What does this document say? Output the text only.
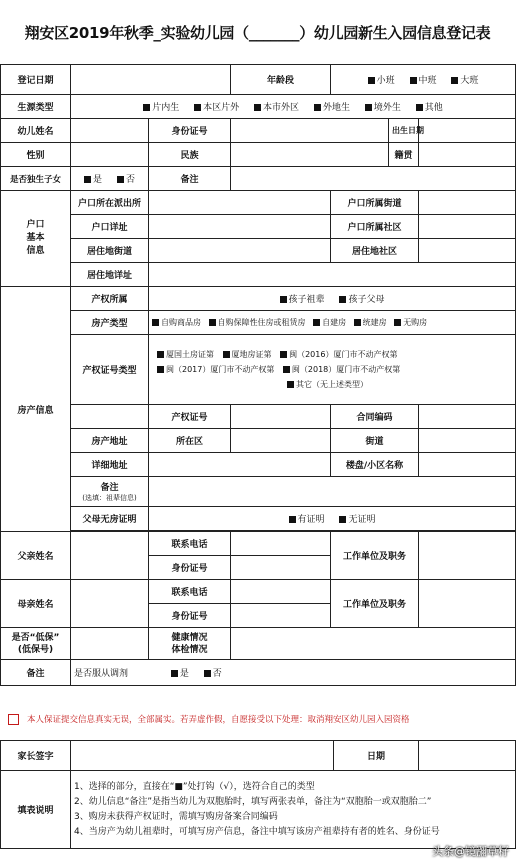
翔安区2019年秋季_实验幼儿园（_______）幼儿园新生入园信息登记表
登记日期			年龄段	小班 中班 大班		
生源类型	片内生 本区片外 本市外区 外地生 境外生 其他					
幼儿姓名		身份证号			出生日期	
性别		民族			籍贯	
是否独生子女	是 否	备注				
户口
基本
信息	户口所在派出所			户口所属街道		
	户口详址			户口所属社区		
	居住地街道			居住地社区		
	居住地详址					
房产信息	产权所属	孩子祖辈 孩子父母				
	房产类型	自购商品房 自购保障性住房或租赁房 自建房 统建房 无购房				
	产权证号类型	厦国土房证第 厦地房证第 闽（2016）厦门市不动产权第
闽（2017）厦门市不动产权第 闽（2018）厦门市不动产权第
其它（无上述类型）				

		产权证号		合同编码		
	房产地址	所在区		街道		
	详细地址			楼盘/小区名称		
	备注
(选填：祖辈信息)					

	父母无房证明	有证明 无证明				

父亲姓名		联系电话		工作单位及职务		
		身份证号				
母亲姓名		联系电话		工作单位及职务		
		身份证号				
是否“低保”
(低保号)		健康情况
体检情况				
备注	是否服从调剂 是 否					
本人保证提交信息真实无误，全部属实。若弄虚作假，自愿接受以下处理：取消翔安区幼儿园入园资格
家长签字		日期	
填表说明	1、选择的部分，直接在“■”处打钩（√），选符合自己的类型
2、幼儿信息“备注”是指当幼儿为双胞胎时，填写两张表单，备注为“双胞胎一或双胞胎二”
3、购房未获得产权证时，需填写购房备案合同编码
4、当房产为幼儿祖辈时，可填写房产信息，备注中填写该房产祖辈持有者的姓名、身份证号		
头条@镜瀰草籽
